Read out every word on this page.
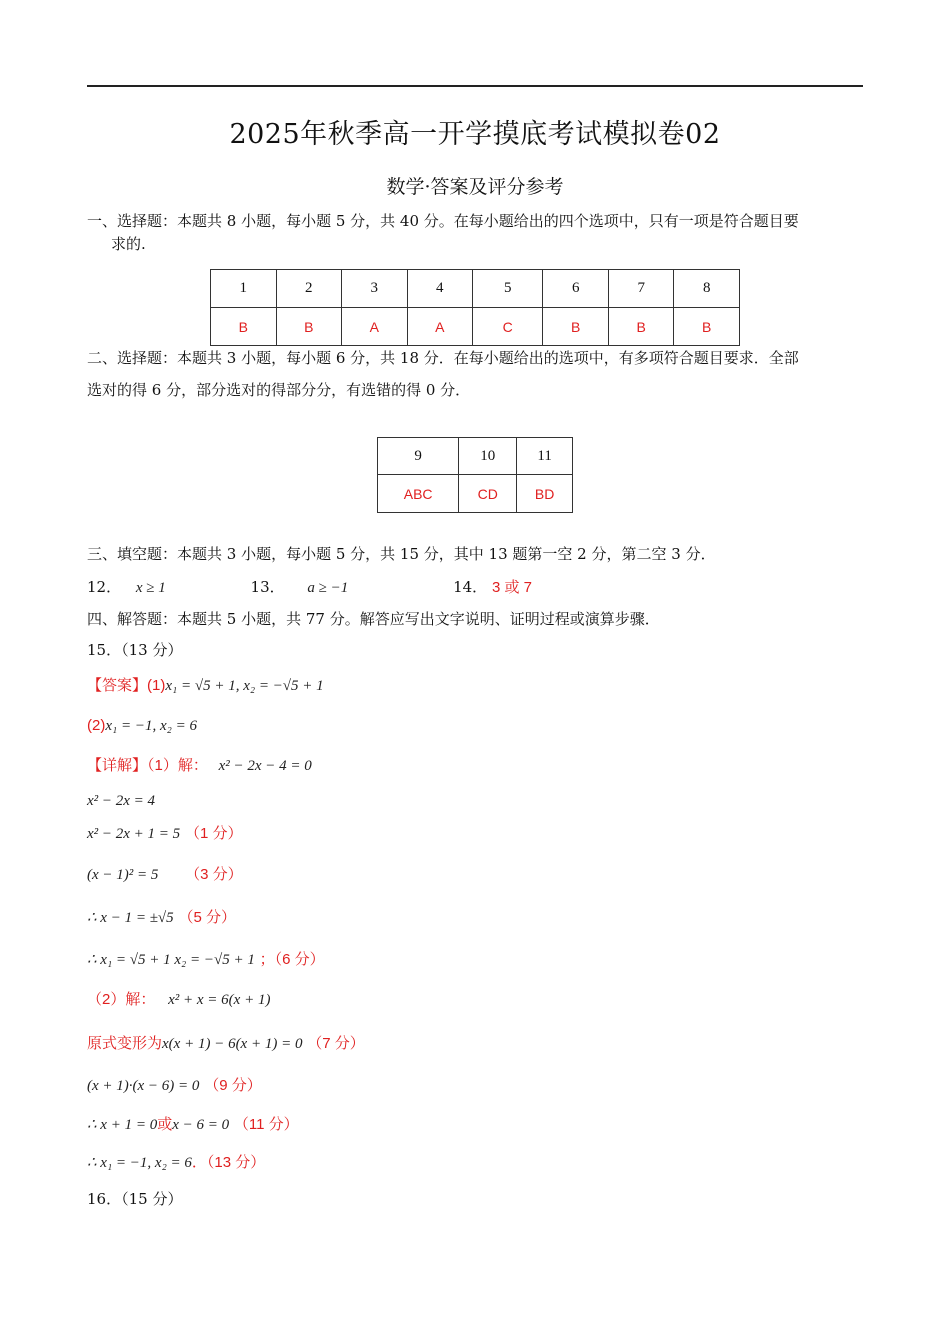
2025年秋季高一开学摸底考试模拟卷02
数学·答案及评分参考
一、选择题：本题共 8 小题，每小题 5 分，共 40 分。在每小题给出的四个选项中，只有一项是符合题目要
求的.
1	2	3	4	5	6	7	8
B	B	A	A	C	B	B	B
二、选择题：本题共 3 小题，每小题 6 分，共 18 分．在每小题给出的选项中，有多项符合题目要求．全部
选对的得 6 分，部分选对的得部分分，有选错的得 0 分．
9	10	11
ABC	CD	BD
三、填空题：本题共 3 小题，每小题 5 分，共 15 分，其中 13 题第一空 2 分，第二空 3 分．
12． x ≥ 1	13． a ≥ −1	14． 3 或 7
四、解答题：本题共 5 小题，共 77 分。解答应写出文字说明、证明过程或演算步骤．
15．（13 分）
【答案】(1)x₁ = √5 + 1, x₂ = −√5 + 1
(2)x₁ = −1, x₂ = 6
【详解】（1）解： x² − 2x − 4 = 0
x² − 2x = 4
x² − 2x + 1 = 5 （1 分）
(x − 1)² = 5 （3 分）
∴ x − 1 = ±√5 （5 分）
∴ x₁ = √5 + 1 x₂ = −√5 + 1 ；（6 分）
（2）解： x² + x = 6(x + 1)
原式变形为x(x + 1) − 6(x + 1) = 0 （7 分）
(x + 1)·(x − 6) = 0 （9 分）
∴ x + 1 = 0或x − 6 = 0 （11 分）
∴ x₁ = −1, x₂ = 6．（13 分）
16．（15 分）
